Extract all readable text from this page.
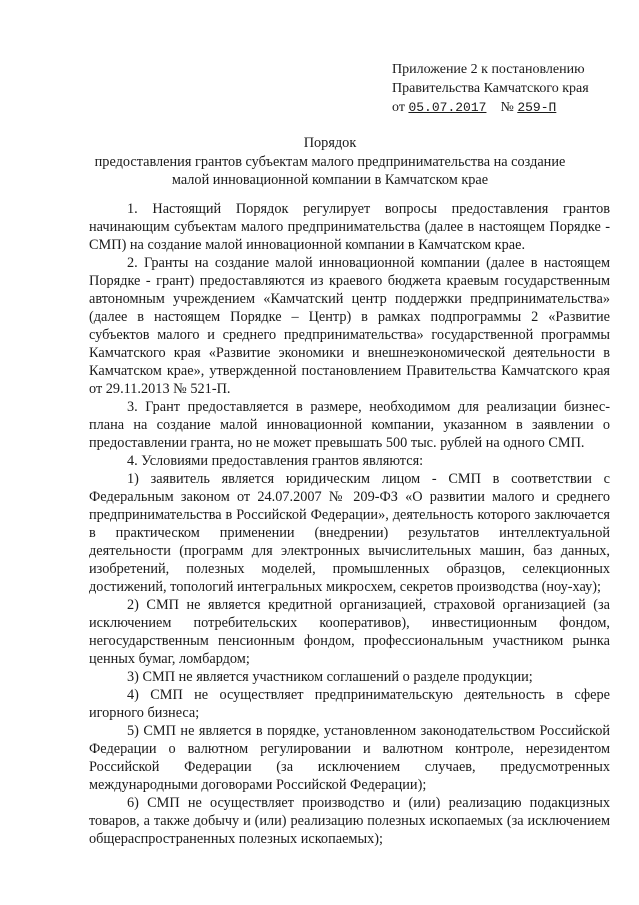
Приложение 2 к постановлению
Правительства Камчатского края
от 05.07.2017 № 259-П
Порядок
предоставления грантов субъектам малого предпринимательства на создание
малой инновационной компании в Камчатском крае

1. Настоящий Порядок регулирует вопросы предоставления грантов начинающим субъектам малого предпринимательства (далее в настоящем Порядке - СМП) на создание малой инновационной компании в Камчатском крае.

2. Гранты на создание малой инновационной компании (далее в настоящем Порядке - грант) предоставляются из краевого бюджета краевым государственным автономным учреждением «Камчатский центр поддержки предпринимательства» (далее в настоящем Порядке – Центр) в рамках подпрограммы 2 «Развитие субъектов малого и среднего предпринимательства» государственной программы Камчатского края «Развитие экономики и внешнеэкономической деятельности в Камчатском крае», утвержденной постановлением Правительства Камчатского края от 29.11.2013 № 521-П.

3. Грант предоставляется в размере, необходимом для реализации бизнес-плана на создание малой инновационной компании, указанном в заявлении о предоставлении гранта, но не может превышать 500 тыс. рублей на одного СМП.

4. Условиями предоставления грантов являются:

1) заявитель является юридическим лицом - СМП в соответствии с Федеральным законом от 24.07.2007 № 209-ФЗ «О развитии малого и среднего предпринимательства в Российской Федерации», деятельность которого заключается в практическом применении (внедрении) результатов интеллектуальной деятельности (программ для электронных вычислительных машин, баз данных, изобретений, полезных моделей, промышленных образцов, селекционных достижений, топологий интегральных микросхем, секретов производства (ноу-хау);

2) СМП не является кредитной организацией, страховой организацией (за исключением потребительских кооперативов), инвестиционным фондом, негосударственным пенсионным фондом, профессиональным участником рынка ценных бумаг, ломбардом;

3) СМП не является участником соглашений о разделе продукции;

4) СМП не осуществляет предпринимательскую деятельность в сфере игорного бизнеса;

5) СМП не является в порядке, установленном законодательством Российской Федерации о валютном регулировании и валютном контроле, нерезидентом Российской Федерации (за исключением случаев, предусмотренных международными договорами Российской Федерации);

6) СМП не осуществляет производство и (или) реализацию подакцизных товаров, а также добычу и (или) реализацию полезных ископаемых (за исключением общераспространенных полезных ископаемых);
